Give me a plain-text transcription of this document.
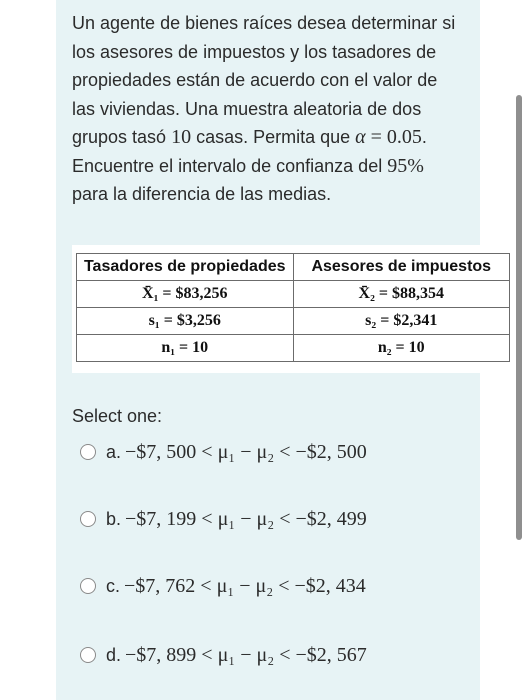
Un agente de bienes raíces desea determinar si los asesores de impuestos y los tasadores de propiedades están de acuerdo con el valor de las viviendas. Una muestra aleatoria de dos grupos tasó 10 casas. Permita que α = 0.05. Encuentre el intervalo de confianza del 95% para la diferencia de las medias.

Tasadores de propiedades	Asesores de impuestos
X̄₁ = $83,256	X̄₂ = $88,354
s₁ = $3,256	s₂ = $2,341
n₁ = 10	n₂ = 10
Select one:
a. −$7, 500 < μ₁ − μ₂ < −$2, 500
b. −$7, 199 < μ₁ − μ₂ < −$2, 499
c. −$7, 762 < μ₁ − μ₂ < −$2, 434
d. −$7, 899 < μ₁ − μ₂ < −$2, 567
